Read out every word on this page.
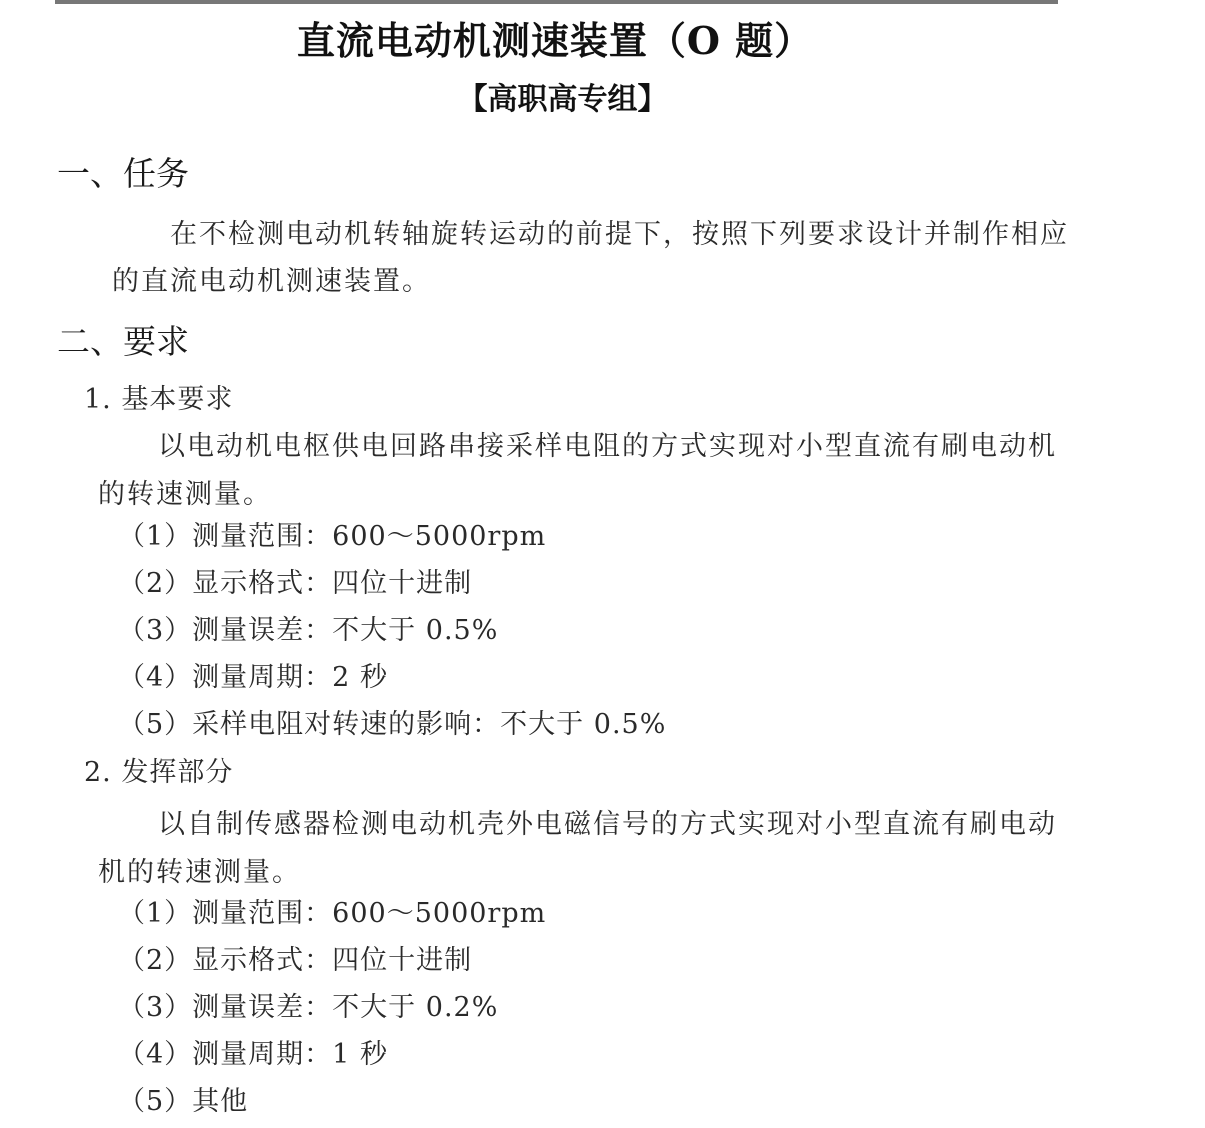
直流电动机测速装置（O 题）
【高职高专组】
一、任务
在不检测电动机转轴旋转运动的前提下，按照下列要求设计并制作相应
的直流电动机测速装置。
二、要求
1. 基本要求
以电动机电枢供电回路串接采样电阻的方式实现对小型直流有刷电动机
的转速测量。
（1）测量范围：600～5000rpm
（2）显示格式：四位十进制
（3）测量误差：不大于 0.5%
（4）测量周期：2 秒
（5）采样电阻对转速的影响：不大于 0.5%
2. 发挥部分
以自制传感器检测电动机壳外电磁信号的方式实现对小型直流有刷电动
机的转速测量。
（1）测量范围：600～5000rpm
（2）显示格式：四位十进制
（3）测量误差：不大于 0.2%
（4）测量周期：1 秒
（5）其他
